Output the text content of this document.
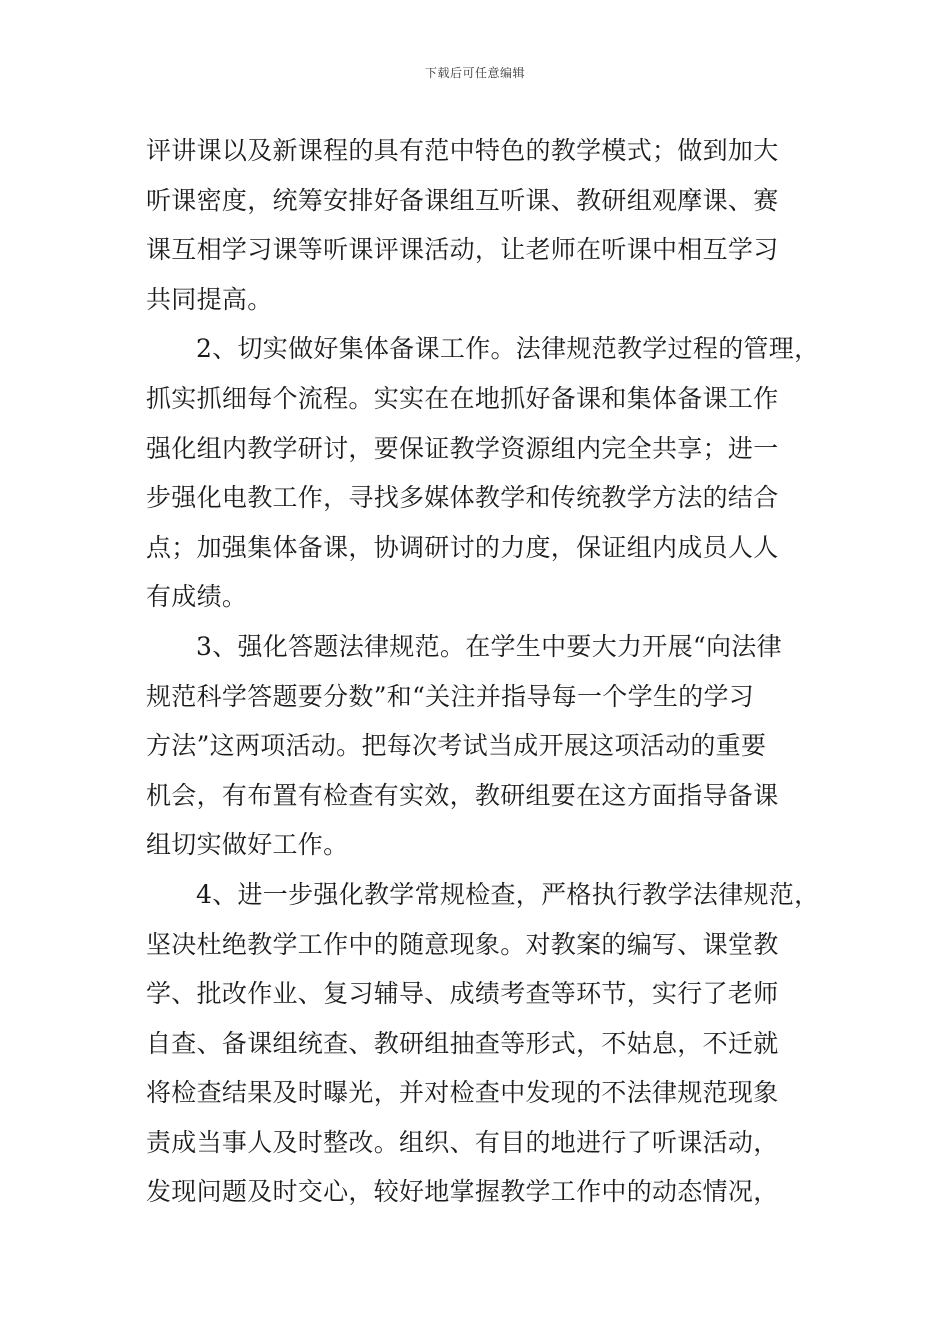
下载后可任意编辑
评讲课以及新课程的具有范中特色的教学模式；做到加大
听课密度，统筹安排好备课组互听课、教研组观摩课、赛
课互相学习课等听课评课活动，让老师在听课中相互学习
共同提高。
2、切实做好集体备课工作。法律规范教学过程的管理，
抓实抓细每个流程。实实在在地抓好备课和集体备课工作
强化组内教学研讨，要保证教学资源组内完全共享；进一
步强化电教工作，寻找多媒体教学和传统教学方法的结合
点；加强集体备课，协调研讨的力度，保证组内成员人人
有成绩。
3、强化答题法律规范。在学生中要大力开展“向法律
规范科学答题要分数”和“关注并指导每一个学生的学习
方法”这两项活动。把每次考试当成开展这项活动的重要
机会，有布置有检查有实效，教研组要在这方面指导备课
组切实做好工作。
4、进一步强化教学常规检查，严格执行教学法律规范，
坚决杜绝教学工作中的随意现象。对教案的编写、课堂教
学、批改作业、复习辅导、成绩考查等环节，实行了老师
自查、备课组统查、教研组抽查等形式，不姑息，不迁就
将检查结果及时曝光，并对检查中发现的不法律规范现象
责成当事人及时整改。组织、有目的地进行了听课活动，
发现问题及时交心，较好地掌握教学工作中的动态情况，
